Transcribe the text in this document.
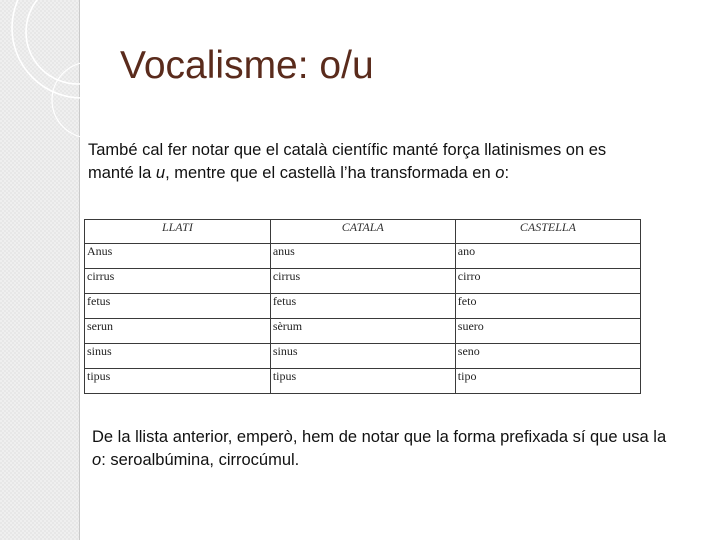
Vocalisme: o/u
També cal fer notar que el català científic manté força llatinismes on es manté la u, mentre que el castellà l’ha transformada en o:
LLATI	CATALA	CASTELLA
Anus	anus	ano
cirrus	cirrus	cirro
fetus	fetus	feto
serun	sèrum	suero
sinus	sinus	seno
tipus	tipus	tipo
De la llista anterior, emperò, hem de notar que la forma prefixada sí que usa la o: seroalbúmina, cirrocúmul.
